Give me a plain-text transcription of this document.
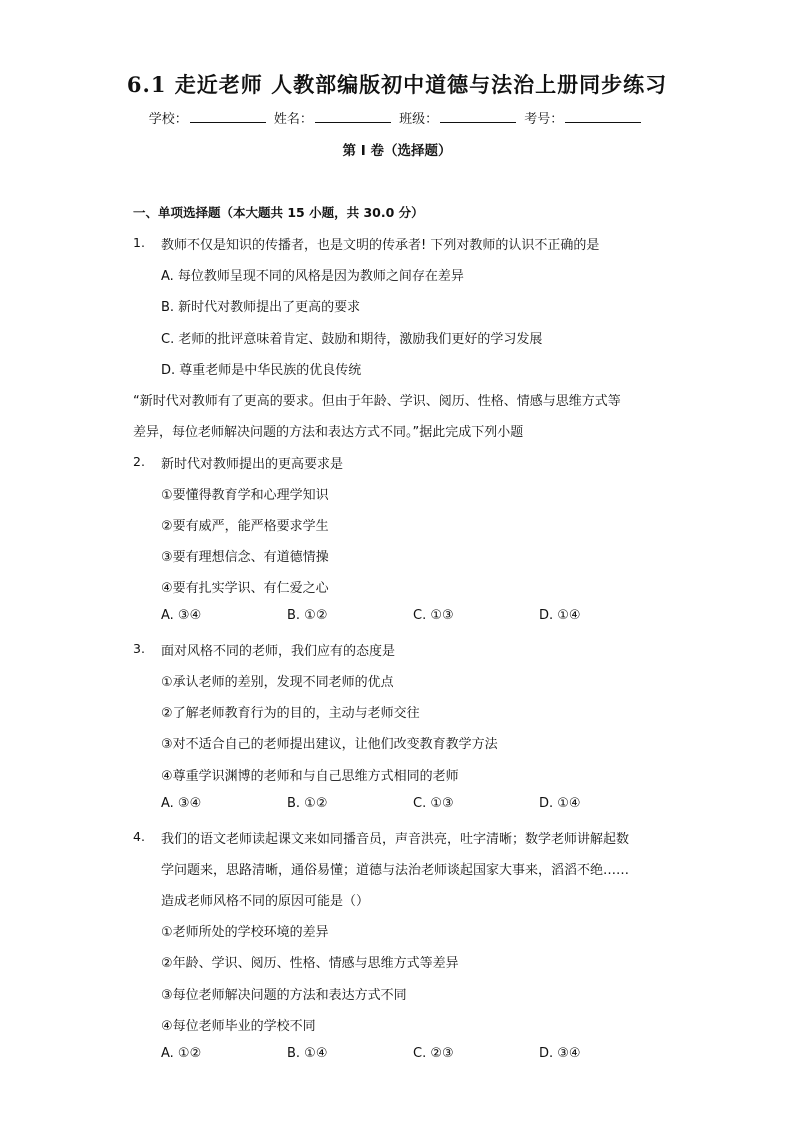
6.1 走近老师 人教部编版初中道德与法治上册同步练习
学校：	姓名：	班级：	考号：
第 I 卷（选择题）
一、单项选择题（本大题共 15 小题，共 30.0 分）
1. 教师不仅是知识的传播者，也是文明的传承者! 下列对教师的认识不正确的是
A. 每位教师呈现不同的风格是因为教师之间存在差异
B. 新时代对教师提出了更高的要求
C. 老师的批评意味着肯定、鼓励和期待，激励我们更好的学习发展
D. 尊重老师是中华民族的优良传统
“新时代对教师有了更高的要求。但由于年龄、学识、阅历、性格、情感与思维方式等
差异，每位老师解决问题的方法和表达方式不同。”据此完成下列小题
2. 新时代对教师提出的更高要求是
①要懂得教育学和心理学知识
②要有威严，能严格要求学生
③要有理想信念、有道德情操
④要有扎实学识、有仁爱之心
A. ③④	B. ①②	C. ①③	D. ①④
3. 面对风格不同的老师，我们应有的态度是
①承认老师的差别，发现不同老师的优点
②了解老师教育行为的目的，主动与老师交往
③对不适合自己的老师提出建议，让他们改变教育教学方法
④尊重学识渊博的老师和与自己思维方式相同的老师
A. ③④	B. ①②	C. ①③	D. ①④
4. 我们的语文老师读起课文来如同播音员，声音洪亮，吐字清晰；数学老师讲解起数
学问题来，思路清晰，通俗易懂；道德与法治老师谈起国家大事来，滔滔不绝……
造成老师风格不同的原因可能是（）
①老师所处的学校环境的差异
②年龄、学识、阅历、性格、情感与思维方式等差异
③每位老师解决问题的方法和表达方式不同
④每位老师毕业的学校不同
A. ①②	B. ①④	C. ②③	D. ③④
